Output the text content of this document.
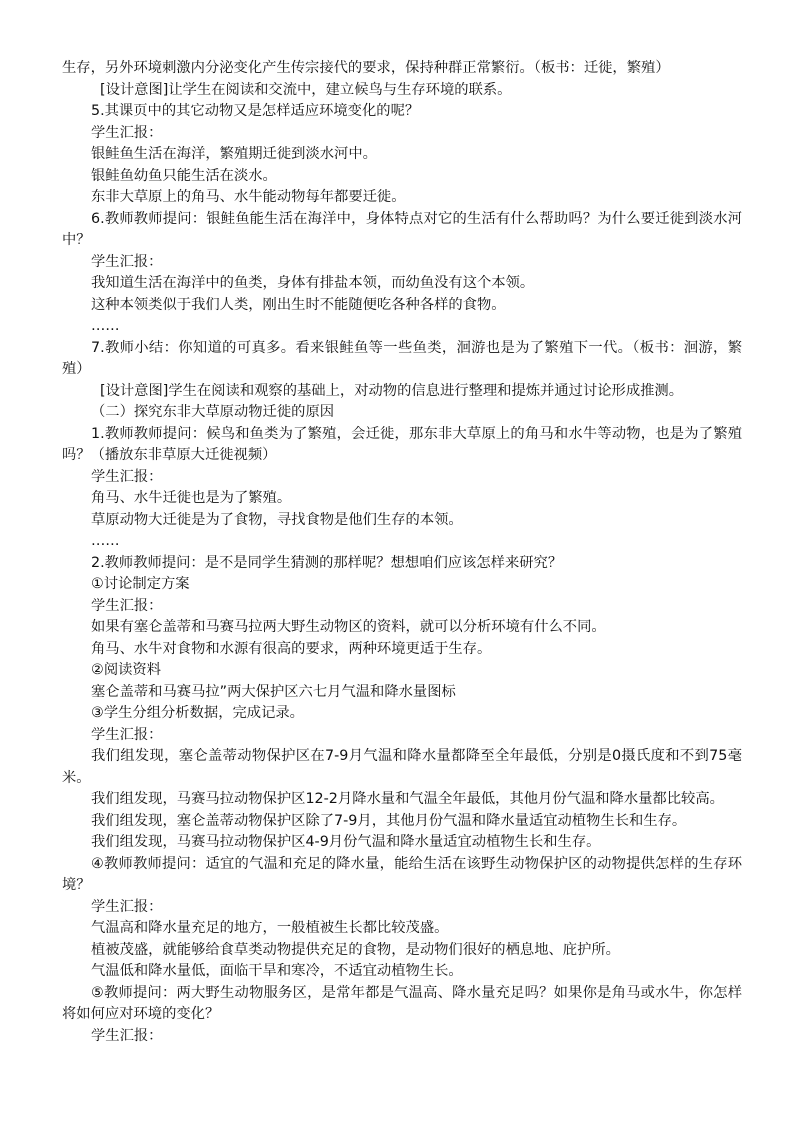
生存，另外环境刺激内分泌变化产生传宗接代的要求，保持种群正常繁衍。（板书：迁徙，繁殖）

[设计意图]让学生在阅读和交流中，建立候鸟与生存环境的联系。

5.其课页中的其它动物又是怎样适应环境变化的呢？

学生汇报：

银鲑鱼生活在海洋，繁殖期迁徙到淡水河中。

银鲑鱼幼鱼只能生活在淡水。

东非大草原上的角马、水牛能动物每年都要迁徙。

6.教师教师提问：银鲑鱼能生活在海洋中，身体特点对它的生活有什么帮助吗？为什么要迁徙到淡水河中？

学生汇报：

我知道生活在海洋中的鱼类，身体有排盐本领，而幼鱼没有这个本领。

这种本领类似于我们人类，刚出生时不能随便吃各种各样的食物。

……

7.教师小结：你知道的可真多。看来银鲑鱼等一些鱼类，洄游也是为了繁殖下一代。（板书：洄游，繁殖）

[设计意图]学生在阅读和观察的基础上，对动物的信息进行整理和提炼并通过讨论形成推测。

（二）探究东非大草原动物迁徙的原因

1.教师教师提问：候鸟和鱼类为了繁殖，会迁徙，那东非大草原上的角马和水牛等动物，也是为了繁殖吗？（播放东非草原大迁徙视频）

学生汇报：

角马、水牛迁徙也是为了繁殖。

草原动物大迁徙是为了食物，寻找食物是他们生存的本领。

……

2.教师教师提问：是不是同学生猜测的那样呢？想想咱们应该怎样来研究？

①讨论制定方案

学生汇报：

如果有塞仑盖蒂和马赛马拉两大野生动物区的资料，就可以分析环境有什么不同。

角马、水牛对食物和水源有很高的要求，两种环境更适于生存。

②阅读资料

塞仑盖蒂和马赛马拉”两大保护区六七月气温和降水量图标

③学生分组分析数据，完成记录。

学生汇报：

我们组发现，塞仑盖蒂动物保护区在7-9月气温和降水量都降至全年最低，分别是0摄氏度和不到75毫米。

我们组发现，马赛马拉动物保护区12-2月降水量和气温全年最低，其他月份气温和降水量都比较高。

我们组发现，塞仑盖蒂动物保护区除了7-9月，其他月份气温和降水量适宜动植物生长和生存。

我们组发现，马赛马拉动物保护区4-9月份气温和降水量适宜动植物生长和生存。

④教师教师提问：适宜的气温和充足的降水量，能给生活在该野生动物保护区的动物提供怎样的生存环境？

学生汇报：

气温高和降水量充足的地方，一般植被生长都比较茂盛。

植被茂盛，就能够给食草类动物提供充足的食物，是动物们很好的栖息地、庇护所。

气温低和降水量低，面临干旱和寒冷，不适宜动植物生长。

⑤教师提问：两大野生动物服务区，是常年都是气温高、降水量充足吗？如果你是角马或水牛，你怎样将如何应对环境的变化？

学生汇报：
